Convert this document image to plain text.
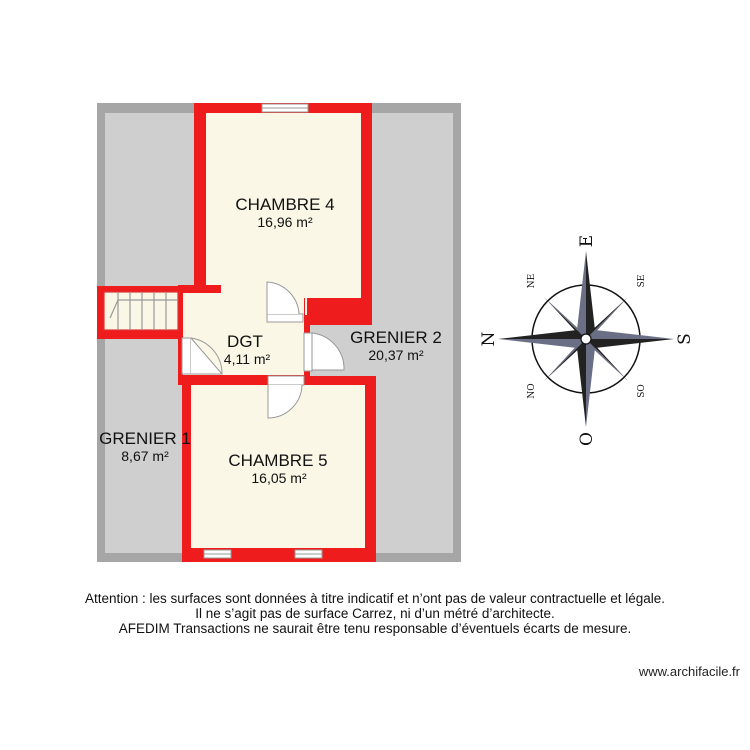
CHAMBRE 4
16,96 m²
DGT
4,11 m²
GRENIER 2
20,37 m²
GRENIER 1
8,67 m²	CHAMBRE 5
16,05 m²
E
O
N	S
NE	SE
NO	SO
Attention : les surfaces sont données à titre indicatif et n’ont pas de valeur contractuelle et légale.
Il ne s’agit pas de surface Carrez, ni d’un métré d’architecte.
AFEDIM Transactions ne saurait être tenu responsable d’éventuels écarts de mesure.
www.archifacile.fr
